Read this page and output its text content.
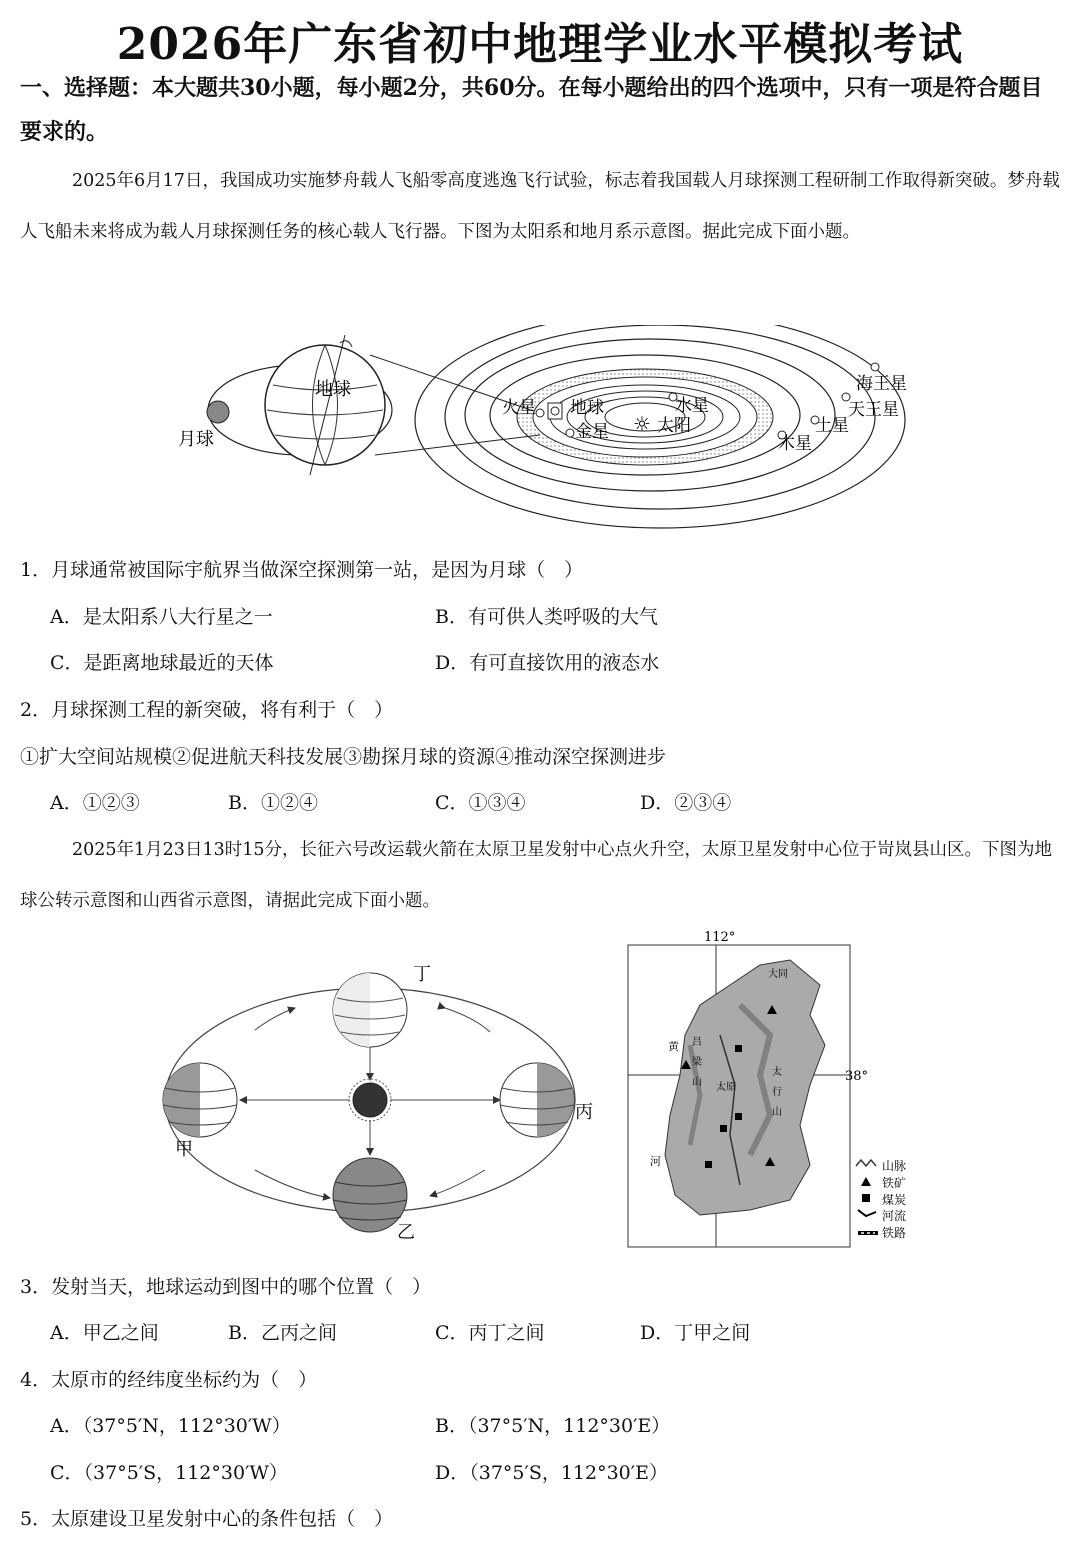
2026年广东省初中地理学业水平模拟考试
一、选择题：本大题共30小题，每小题2分，共60分。在每小题给出的四个选项中，只有一项是符合题目要求的。
2025年6月17日，我国成功实施梦舟载人飞船零高度逃逸飞行试验，标志着我国载人月球探测工程研制工作取得新突破。梦舟载人飞船未来将成为载人月球探测任务的核心载人飞行器。下图为太阳系和地月系示意图。据此完成下面小题。
月球
地球
☼ 太阳
水星
金星
地球
火星
木星
土星
天王星
海王星
1．月球通常被国际宇航界当做深空探测第一站，是因为月球（　）
A．是太阳系八大行星之一	B．有可供人类呼吸的大气
C．是距离地球最近的天体	D．有可直接饮用的液态水
2．月球探测工程的新突破，将有利于（　）
①扩大空间站规模②促进航天科技发展③勘探月球的资源④推动深空探测进步
A．①②③	B．①②④	C．①③④	D．②③④
2025年1月23日13时15分，长征六号改运载火箭在太原卫星发射中心点火升空，太原卫星发射中心位于岢岚县山区。下图为地球公转示意图和山西省示意图，请据此完成下面小题。
丁
甲
丙
乙
112°
38°
大同
太原
黄 吕
梁
山
太
行
山
河	山脉
铁矿
煤炭
河流
铁路
3．发射当天，地球运动到图中的哪个位置（　）
A．甲乙之间	B．乙丙之间	C．丙丁之间	D．丁甲之间
4．太原市的经纬度坐标约为（　）
A．（37°5′N，112°30′W）	B．（37°5′N，112°30′E）
C．（37°5′S，112°30′W）	D．（37°5′S，112°30′E）
5．太原建设卫星发射中心的条件包括（　）
